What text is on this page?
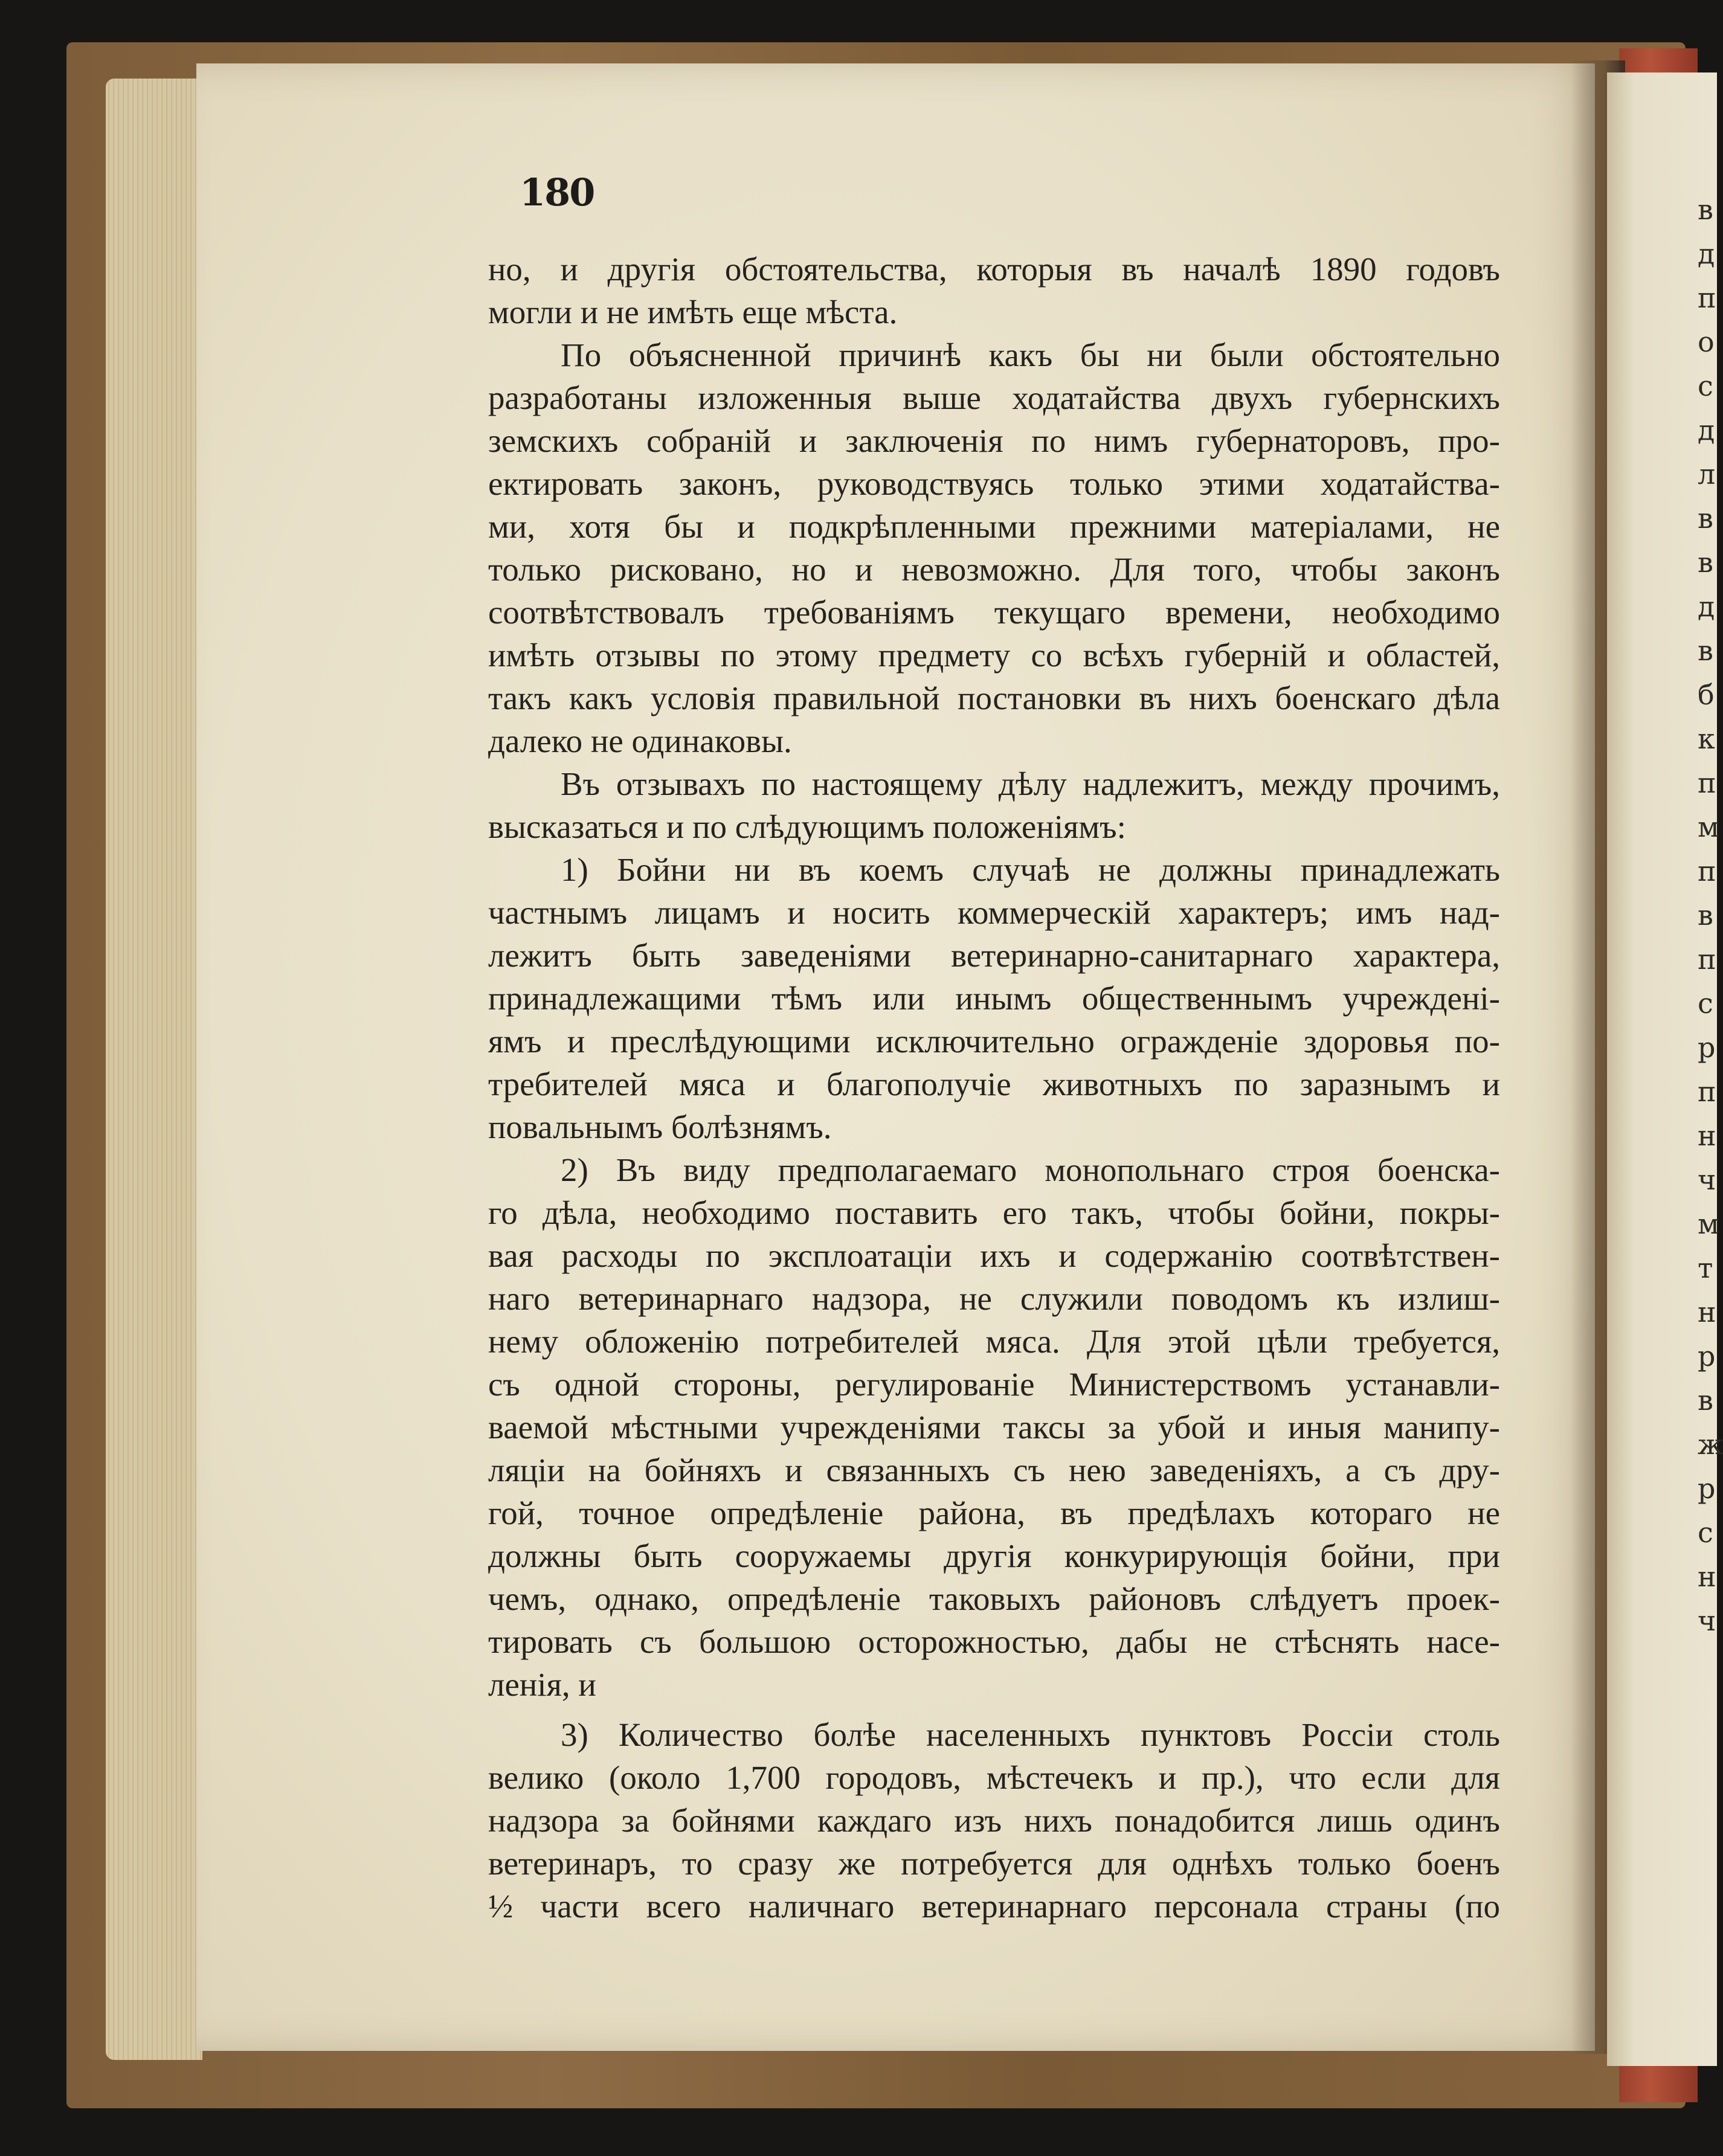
в
д
п
о
с
д
л
в
в
д
в
б
к
п
м
п
в
п
с
р
п
н
ч
м
т
н
р
в
ж
р
с
н
ч
180
но, и другія обстоятельства, которыя въ началѣ 1890 годовъ
могли и не имѣть еще мѣста.
По объясненной причинѣ какъ бы ни были обстоятельно
разработаны изложенныя выше ходатайства двухъ губернскихъ
земскихъ собраній и заключенія по нимъ губернаторовъ, про-
ектировать законъ, руководствуясь только этими ходатайства-
ми, хотя бы и подкрѣпленными прежними матеріалами, не
только рисковано, но и невозможно. Для того, чтобы законъ
соотвѣтствовалъ требованіямъ текущаго времени, необходимо
имѣть отзывы по этому предмету со всѣхъ губерній и областей,
такъ какъ условія правильной постановки въ нихъ боенскаго дѣла
далеко не одинаковы.
Въ отзывахъ по настоящему дѣлу надлежитъ, между прочимъ,
высказаться и по слѣдующимъ положеніямъ:
1) Бойни ни въ коемъ случаѣ не должны принадлежать
частнымъ лицамъ и носить коммерческій характеръ; имъ над-
лежитъ быть заведеніями ветеринарно-санитарнаго характера,
принадлежащими тѣмъ или инымъ общественнымъ учрежденi-
ямъ и преслѣдующими исключительно огражденіе здоровья по-
требителей мяса и благополучіе животныхъ по заразнымъ и
повальнымъ болѣзнямъ.
2) Въ виду предполагаемаго монопольнаго строя боенска-
го дѣла, необходимо поставить его такъ, чтобы бойни, покры-
вая расходы по эксплоатаціи ихъ и содержанію соотвѣтствен-
наго ветеринарнаго надзора, не служили поводомъ къ излиш-
нему обложенію потребителей мяса. Для этой цѣли требуется,
съ одной стороны, регулированіе Министерствомъ устанавли-
ваемой мѣстными учрежденіями таксы за убой и иныя манипу-
ляціи на бойняхъ и связанныхъ съ нею заведеніяхъ, а съ дру-
гой, точное опредѣленіе района, въ предѣлахъ котораго не
должны быть сооружаемы другія конкурирующія бойни, при
чемъ, однако, опредѣленіе таковыхъ районовъ слѣдуетъ проек-
тировать съ большою осторожностью, дабы не стѣснять насе-
ленія, и
3) Количество болѣе населенныхъ пунктовъ Россіи столь
велико (около 1,700 городовъ, мѣстечекъ и пр.), что если для
надзора за бойнями каждаго изъ нихъ понадобится лишь одинъ
ветеринаръ, то сразу же потребуется для однѣхъ только боенъ
½ части всего наличнаго ветеринарнаго персонала страны (по
